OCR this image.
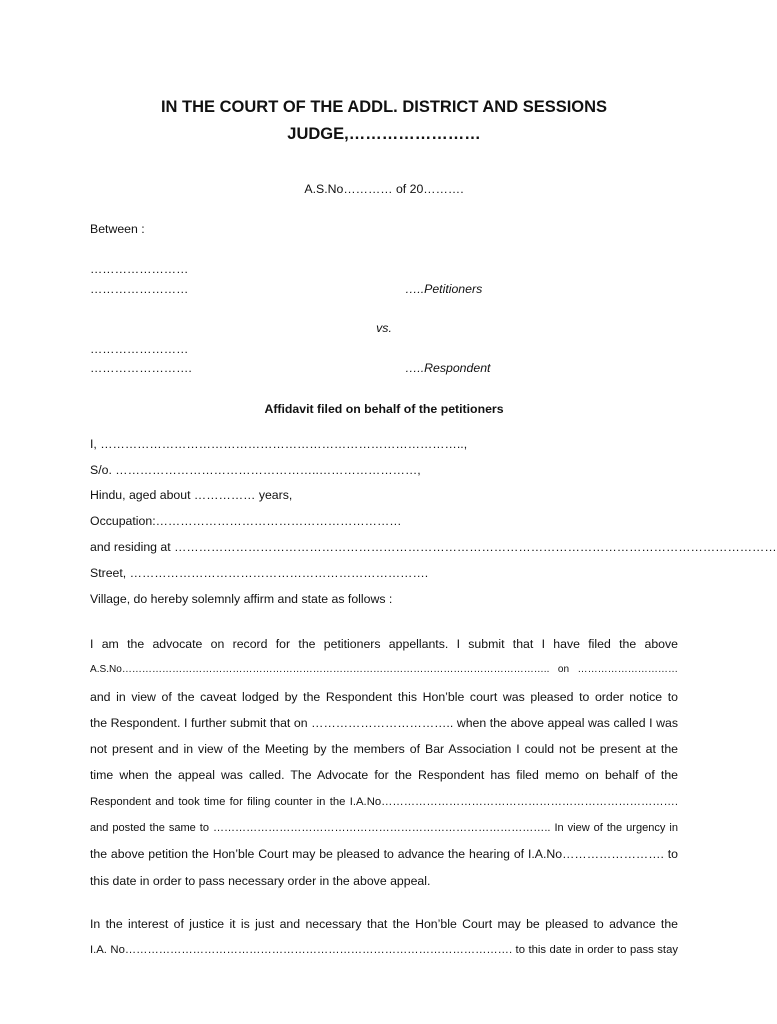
IN THE COURT OF THE ADDL. DISTRICT AND SESSIONS
JUDGE,……………………
A.S.No………… of 20……….
Between :
……………………
……………………	…..Petitioners
vs.
……………………
…………………….	…..Respondent
Affidavit filed on behalf of the petitioners
I, ……………………………………………………………………………..,
S/o. …………………………………………..……………………,
Hindu, aged about …………… years,
Occupation:……………………………………………………
and residing at …………………………………………………………………………………………………………………………………
Street, ……………………………………………………………….
Village, do hereby solemnly affirm and state as follows :
I am the advocate on record for the petitioners appellants. I submit that I have filed the above
A.S.No……………………………………………………………………………………………………………….. on …………………………
and in view of the caveat lodged by the Respondent this Hon’ble court was pleased to order notice to
the Respondent. I further submit that on …………………………….. when the above appeal was called I was
not present and in view of the Meeting by the members of Bar Association I could not be present at the
time when the appeal was called. The Advocate for the Respondent has filed memo on behalf of the
Respondent and took time for filing counter in the I.A.No…………………………………………………………………….
and posted the same to ……………………………………………………………………………….. In view of the urgency in
the above petition the Hon’ble Court may be pleased to advance the hearing of I.A.No……………………. to
this date in order to pass necessary order in the above appeal.
In the interest of justice it is just and necessary that the Hon’ble Court may be pleased to advance the
I.A. No…………………………………………………………………………………………. to this date in order to pass stay
